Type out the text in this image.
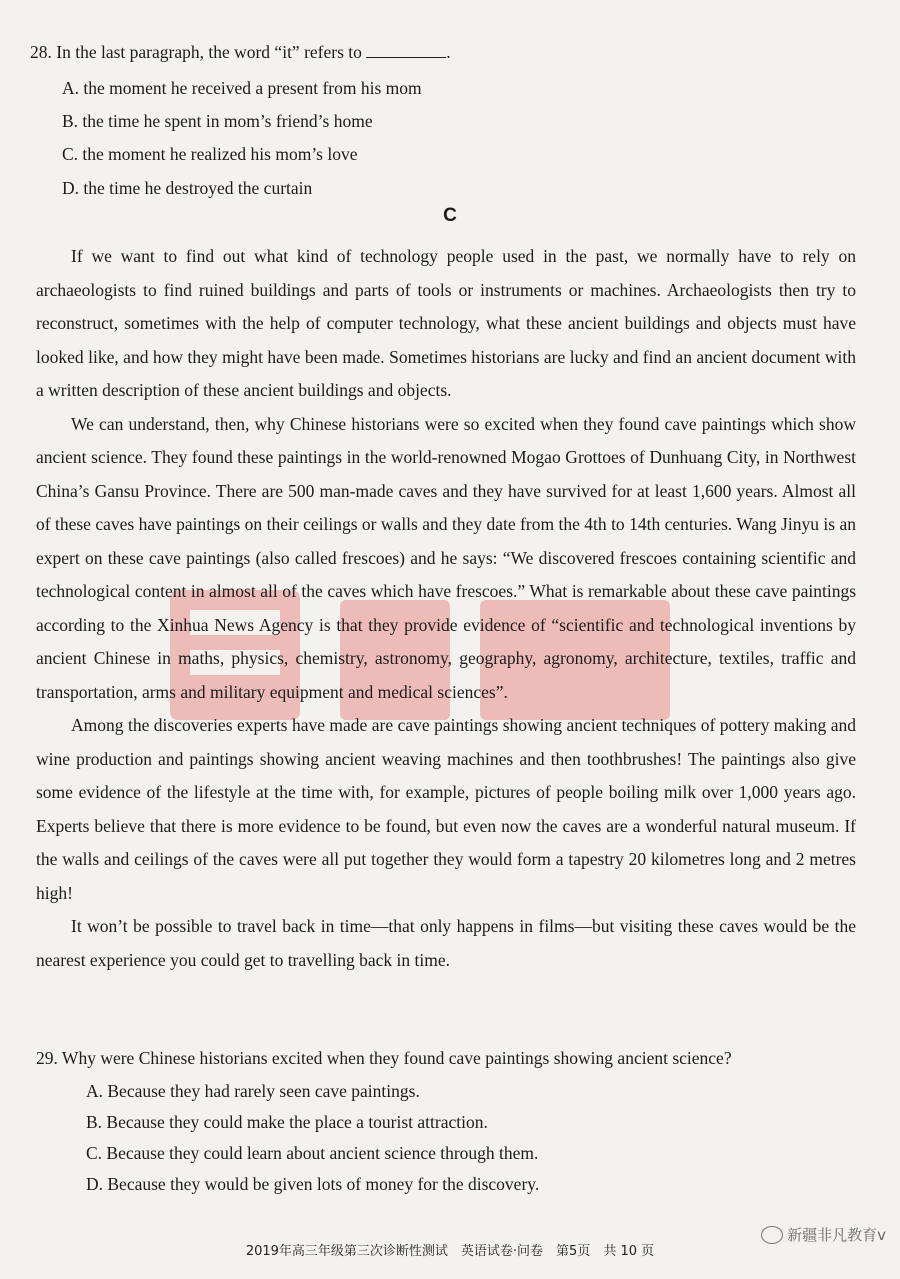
28. In the last paragraph, the word “it” refers to	.
A. the moment he received a present from his mom
B. the time he spent in mom’s friend’s home
C. the moment he realized his mom’s love
D. the time he destroyed the curtain
C

If we want to find out what kind of technology people used in the past, we normally have to rely on archaeologists to find ruined buildings and parts of tools or instruments or machines. Archaeologists then try to reconstruct, sometimes with the help of computer technology, what these ancient buildings and objects must have looked like, and how they might have been made. Sometimes historians are lucky and find an ancient document with a written description of these ancient buildings and objects.

We can understand, then, why Chinese historians were so excited when they found cave paintings which show ancient science. They found these paintings in the world-renowned Mogao Grottoes of Dunhuang City, in Northwest China’s Gansu Province. There are 500 man-made caves and they have survived for at least 1,600 years. Almost all of these caves have paintings on their ceilings or walls and they date from the 4th to 14th centuries. Wang Jinyu is an expert on these cave paintings (also called frescoes) and he says: “We discovered frescoes containing scientific and technological content in almost all of the caves which have frescoes.” What is remarkable about these cave paintings according to the Xinhua News Agency is that they provide evidence of “scientific and technological inventions by ancient Chinese in maths, physics, chemistry, astronomy, geography, agronomy, architecture, textiles, traffic and transportation, arms and military equipment and medical sciences”.

Among the discoveries experts have made are cave paintings showing ancient techniques of pottery making and wine production and paintings showing ancient weaving machines and then toothbrushes! The paintings also give some evidence of the lifestyle at the time with, for example, pictures of people boiling milk over 1,000 years ago. Experts believe that there is more evidence to be found, but even now the caves are a wonderful natural museum. If the walls and ceilings of the caves were all put together they would form a tapestry 20 kilometres long and 2 metres high!

It won’t be possible to travel back in time—that only happens in films—but visiting these caves would be the nearest experience you could get to travelling back in time.

29. Why were Chinese historians excited when they found cave paintings showing ancient science?
A. Because they had rarely seen cave paintings.
B. Because they could make the place a tourist attraction.
C. Because they could learn about ancient science through them.
D. Because they would be given lots of money for the discovery.
2019年高三年级第三次诊断性测试　英语试卷·问卷　第5页　共 10 页
新疆非凡教育v
